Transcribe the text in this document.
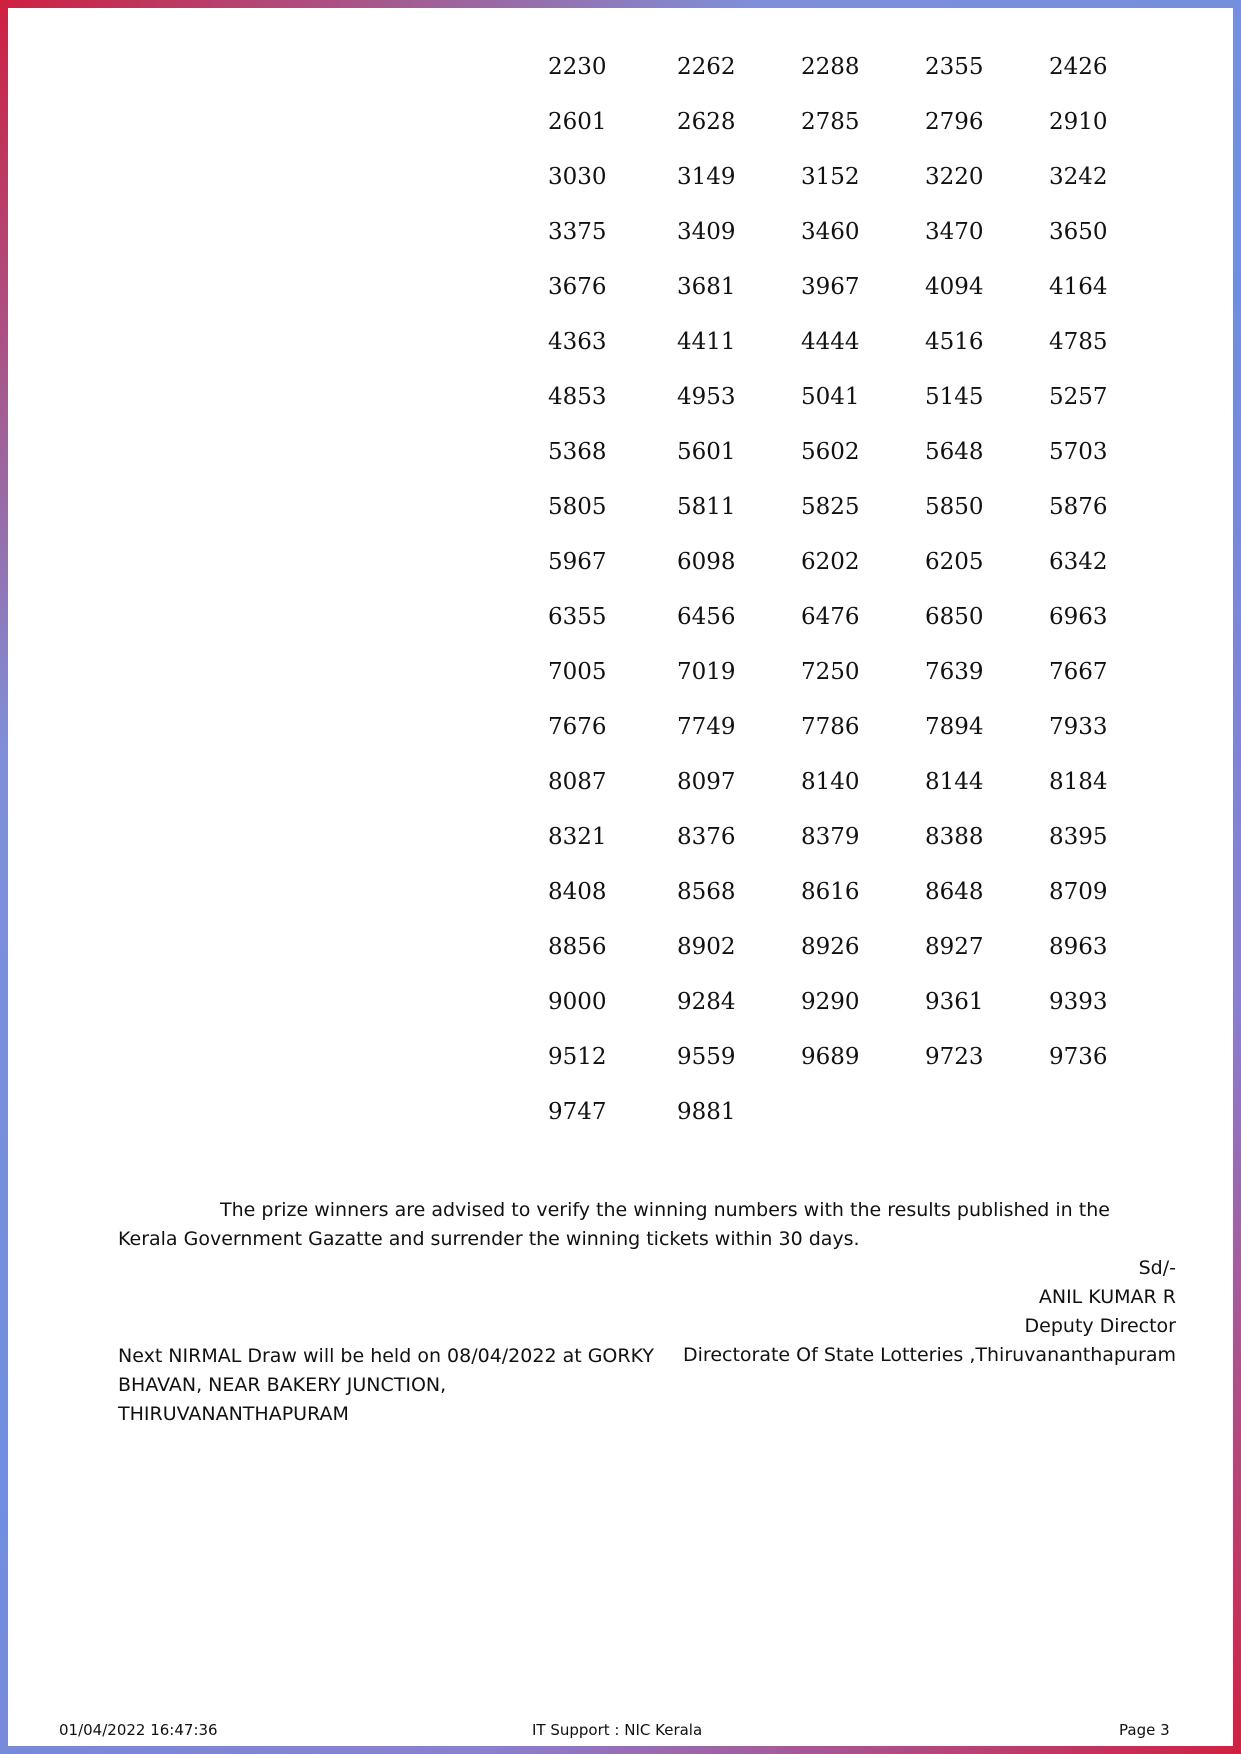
2230	2262	2288	2355	2426
2601	2628	2785	2796	2910
3030	3149	3152	3220	3242
3375	3409	3460	3470	3650
3676	3681	3967	4094	4164
4363	4411	4444	4516	4785
4853	4953	5041	5145	5257
5368	5601	5602	5648	5703
5805	5811	5825	5850	5876
5967	6098	6202	6205	6342
6355	6456	6476	6850	6963
7005	7019	7250	7639	7667
7676	7749	7786	7894	7933
8087	8097	8140	8144	8184
8321	8376	8379	8388	8395
8408	8568	8616	8648	8709
8856	8902	8926	8927	8963
9000	9284	9290	9361	9393
9512	9559	9689	9723	9736
9747	9881
The prize winners are advised to verify the winning numbers with the results published in the Kerala Government Gazatte and surrender the winning tickets within 30 days.
Sd/-
ANIL KUMAR R
Deputy Director
Directorate Of State Lotteries ,Thiruvananthapuram
Next NIRMAL Draw will be held on 08/04/2022 at GORKY BHAVAN, NEAR BAKERY JUNCTION, THIRUVANANTHAPURAM
01/04/2022 16:47:36	IT Support : NIC Kerala	Page 3
